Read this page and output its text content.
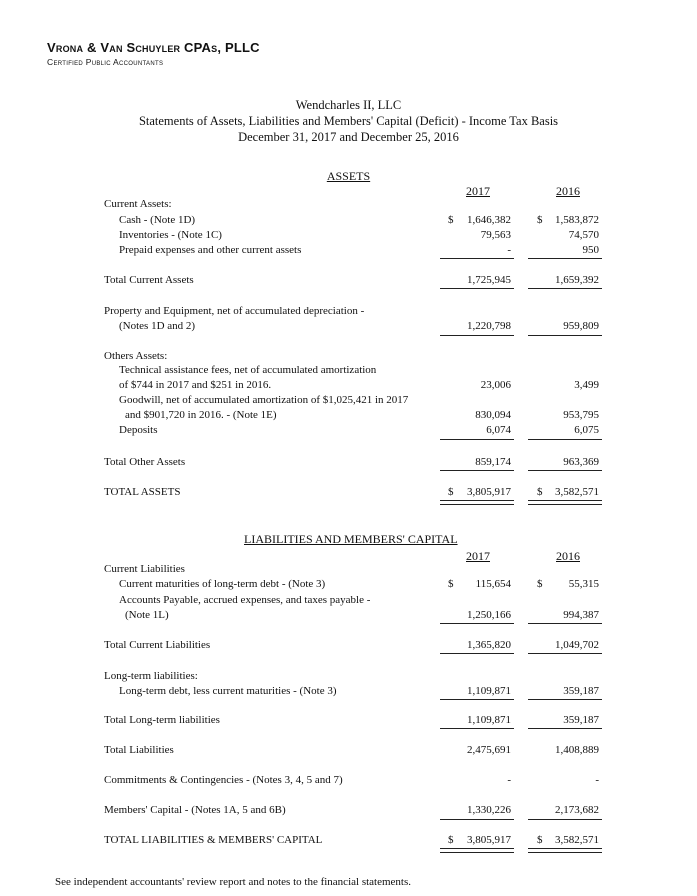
Vrona & Van Schuyler CPAs, PLLC
Certified Public Accountants
Wendcharles II, LLC
Statements of Assets, Liabilities and Members' Capital (Deficit) - Income Tax Basis
December 31, 2017 and December 25, 2016
ASSETS
2017	2016
Current Assets:
Cash - (Note 1D)	$	1,646,382 $	1,583,872
Inventories - (Note 1C)	79,563	74,570
Prepaid expenses and other current assets	-	950
Total Current Assets	1,725,945	1,659,392
Property and Equipment, net of accumulated depreciation -
(Notes 1D and 2)	1,220,798	959,809
Others Assets:
Technical assistance fees, net of accumulated amortization
of $744 in 2017 and $251 in 2016.	23,006	3,499
Goodwill, net of accumulated amortization of $1,025,421 in 2017
and $901,720 in 2016. - (Note 1E)	830,094	953,795
Deposits	6,074	6,075
Total Other Assets	859,174	963,369
TOTAL ASSETS	$	3,805,917 $	3,582,571
LIABILITIES AND MEMBERS' CAPITAL
2017	2016
Current Liabilities
Current maturities of long-term debt - (Note 3)	$	115,654 $	55,315
Accounts Payable, accrued expenses, and taxes payable -
(Note 1L)	1,250,166	994,387
Total Current Liabilities	1,365,820	1,049,702
Long-term liabilities:
Long-term debt, less current maturities - (Note 3)	1,109,871	359,187
Total Long-term liabilities	1,109,871	359,187
Total Liabilities	2,475,691	1,408,889
Commitments & Contingencies - (Notes 3, 4, 5 and 7)	-	-
Members' Capital - (Notes 1A, 5 and 6B)	1,330,226	2,173,682
TOTAL LIABILITIES & MEMBERS' CAPITAL	$	3,805,917 $	3,582,571
See independent accountants' review report and notes to the financial statements.
